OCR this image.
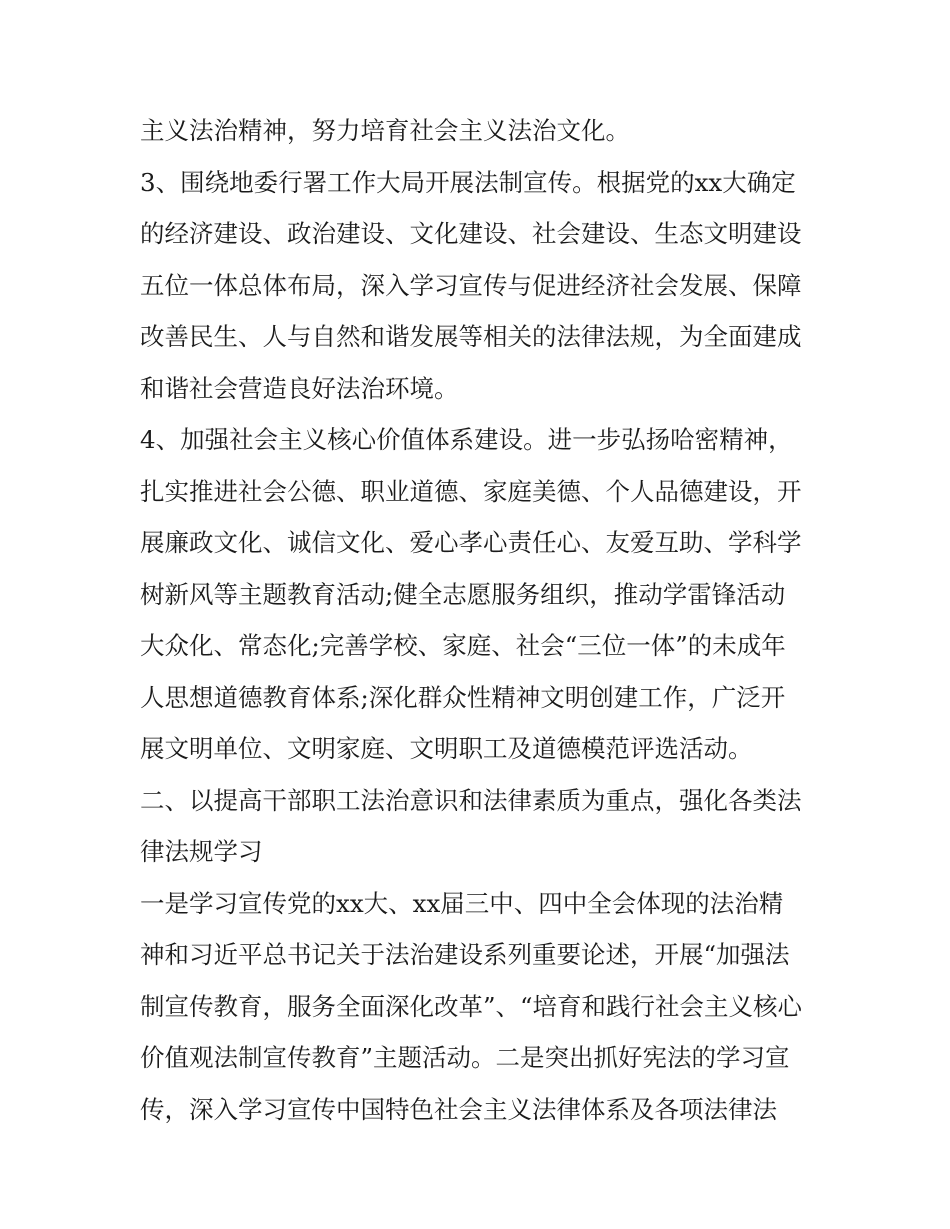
主义法治精神，努力培育社会主义法治文化。
3、围绕地委行署工作大局开展法制宣传。根据党的xx大确定
的经济建设、政治建设、文化建设、社会建设、生态文明建设
五位一体总体布局，深入学习宣传与促进经济社会发展、保障
改善民生、人与自然和谐发展等相关的法律法规，为全面建成
和谐社会营造良好法治环境。
4、加强社会主义核心价值体系建设。进一步弘扬哈密精神，
扎实推进社会公德、职业道德、家庭美德、个人品德建设，开
展廉政文化、诚信文化、爱心孝心责任心、友爱互助、学科学
树新风等主题教育活动;健全志愿服务组织，推动学雷锋活动
大众化、常态化;完善学校、家庭、社会“三位一体”的未成年
人思想道德教育体系;深化群众性精神文明创建工作，广泛开
展文明单位、文明家庭、文明职工及道德模范评选活动。
二、以提高干部职工法治意识和法律素质为重点，强化各类法
律法规学习
一是学习宣传党的xx大、xx届三中、四中全会体现的法治精
神和习近平总书记关于法治建设系列重要论述，开展“加强法
制宣传教育，服务全面深化改革”、“培育和践行社会主义核心
价值观法制宣传教育”主题活动。二是突出抓好宪法的学习宣
传，深入学习宣传中国特色社会主义法律体系及各项法律法
